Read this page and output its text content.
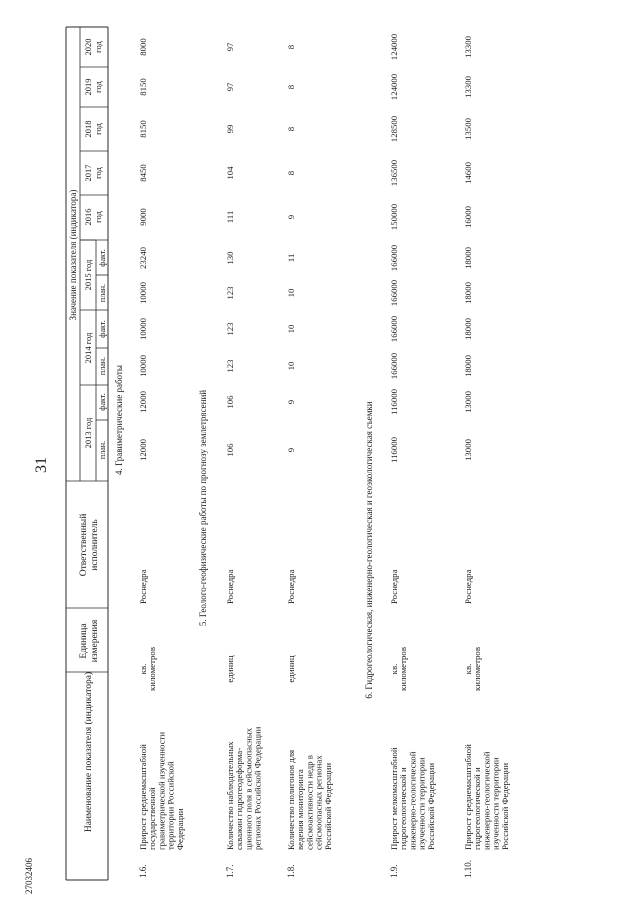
31
27032406
Наименование показателя (индикатора)
Единица измерения
Ответственный исполнитель
Значение показателя (индикатора)
2013 год
2014 год
2015 год
план.
факт.
план.
факт.
план.
факт.
2016 год
2017 год
2018 год
2019 год
2020 год
4. Гравиметрические работы	5. Геолого-геофизические работы по прогнозу землетрясений	6. Гидрогеологическая, инженерно-геологическая и геоэкологическая съемки
1.6.
Прирост среднемасштабной государственной гравиметрической изученности территории Российской Федерации
кв. километров
Роснедра
12000
12000
10000
10000
10000
23240
9000
8450
8150
8150
8000
1.7.
Количество наблюдательных скважин гидрогеодеформа- ционного поля в сейсмоопасных регионах Российской Федерации
единиц
Роснедра
106
106
123
123
123
130
111
104
99
97
97
1.8.
Количество полигонов для ведения мониторинга сейсмоактивности недр в сейсмоопасных регионах Российской Федерации
единиц
Роснедра
9
9
10
10
10
11
9
8
8
8
8
1.9.
Прирост мелкомасштабной гидрогеологической и инженерно-геологической изученности территории Российской Федерации
кв. километров
Роснедра
116000
116000
166000
166000
166000
166000
150000
136500
128500
124000
124000
1.10.
Прирост среднемасштабной гидрогеологической и инженерно-геологической изученности территории Российской Федерации
кв. километров
Роснедра
13000
13000
18000
18000
18000
18000
16000
14600
13500
13300
13300
